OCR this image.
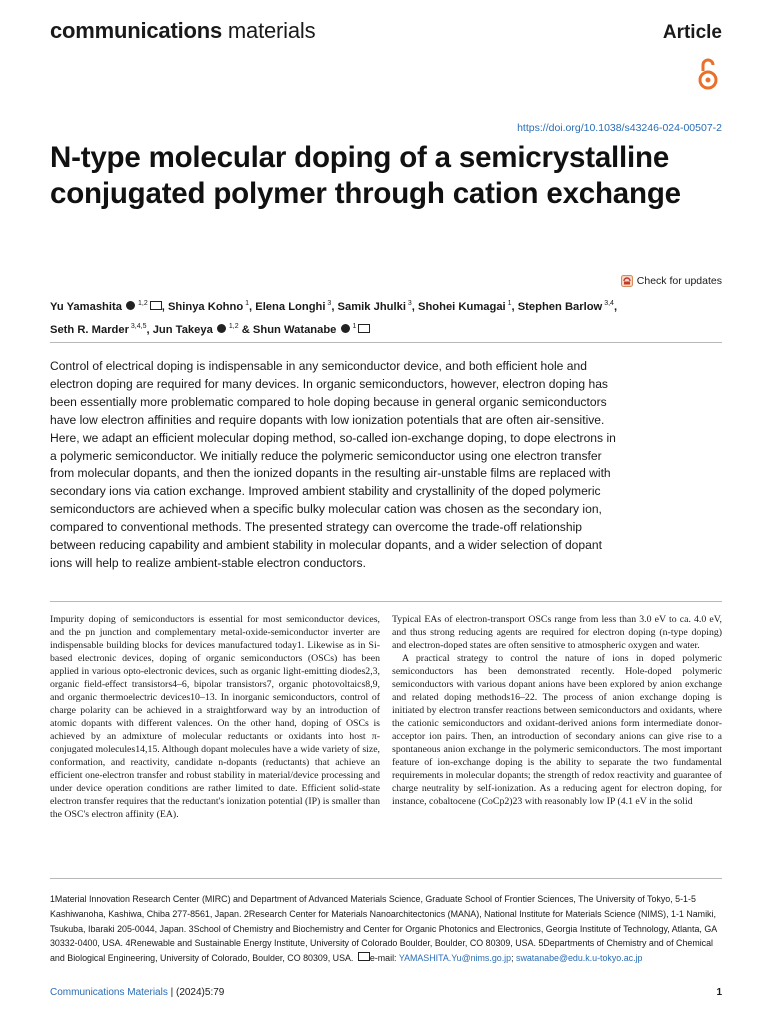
communications materials	Article
https://doi.org/10.1038/s43246-024-00507-2
N-type molecular doping of a semicrystalline conjugated polymer through cation exchange
Check for updates
Yu Yamashita  $^{1,2}$ , Shinya Kohno $^1$, Elena Longhi $^3$, Samik Jhulki $^3$, Shohei Kumagai $^1$, Stephen Barlow $^{3,4}$,
Seth R. Marder $^{3,4,5}$, Jun Takeya  $^{1,2}$ & Shun Watanabe  $^1$

Control of electrical doping is indispensable in any semiconductor device, and both efficient hole and electron doping are required for many devices. In organic semiconductors, however, electron doping has been essentially more problematic compared to hole doping because in general organic semiconductors have low electron affinities and require dopants with low ionization potentials that are often air-sensitive. Here, we adapt an efficient molecular doping method, so-called ion-exchange doping, to dope electrons in a polymeric semiconductor. We initially reduce the polymeric semiconductor using one electron transfer from molecular dopants, and then the ionized dopants in the resulting air-unstable films are replaced with secondary ions via cation exchange. Improved ambient stability and crystallinity of the doped polymeric semiconductors are achieved when a specific bulky molecular cation was chosen as the secondary ion, compared to conventional methods. The presented strategy can overcome the trade-off relationship between reducing capability and ambient stability in molecular dopants, and a wider selection of dopant ions will help to realize ambient-stable electron conductors.

Impurity doping of semiconductors is essential for most semiconductor devices, and the pn junction and complementary metal-oxide-semiconductor inverter are indispensable building blocks for devices manufactured today1. Likewise as in Si-based electronic devices, doping of organic semiconductors (OSCs) has been applied in various opto-electronic devices, such as organic light-emitting diodes2,3, organic field-effect transistors4–6, bipolar transistors7, organic photovoltaics8,9, and organic thermoelectric devices10–13. In inorganic semiconductors, control of charge polarity can be achieved in a straightforward way by an introduction of atomic dopants with different valences. On the other hand, doping of OSCs is achieved by an admixture of molecular reductants or oxidants into host π-conjugated molecules14,15. Although dopant molecules have a wide variety of size, conformation, and reactivity, candidate n-dopants (reductants) that achieve an efficient one-electron transfer and robust stability in material/device processing and under device operation conditions are rather limited to date. Efficient solid-state electron transfer requires that the reductant's ionization potential (IP) is smaller than the OSC's electron affinity (EA).

Typical EAs of electron-transport OSCs range from less than 3.0 eV to ca. 4.0 eV, and thus strong reducing agents are required for electron doping (n-type doping) and electron-doped states are often sensitive to atmospheric oxygen and water.

A practical strategy to control the nature of ions in doped polymeric semiconductors has been demonstrated recently. Hole-doped polymeric semiconductors with various dopant anions have been explored by anion exchange and related doping methods16–22. The process of anion exchange doping is initiated by electron transfer reactions between semiconductors and oxidants, where the cationic semiconductors and oxidant-derived anions form intermediate donor-acceptor ion pairs. Then, an introduction of secondary anions can give rise to a spontaneous anion exchange in the polymeric semiconductors. The most important feature of ion-exchange doping is the ability to separate the two fundamental requirements in molecular dopants; the strength of redox reactivity and guarantee of charge neutrality by self-ionization. As a reducing agent for electron doping, for instance, cobaltocene (CoCp2)23 with reasonably low IP (4.1 eV in the solid

1Material Innovation Research Center (MIRC) and Department of Advanced Materials Science, Graduate School of Frontier Sciences, The University of Tokyo, 5-1-5 Kashiwanoha, Kashiwa, Chiba 277-8561, Japan. 2Research Center for Materials Nanoarchitectonics (MANA), National Institute for Materials Science (NIMS), 1-1 Namiki, Tsukuba, Ibaraki 205-0044, Japan. 3School of Chemistry and Biochemistry and Center for Organic Photonics and Electronics, Georgia Institute of Technology, Atlanta, GA 30332-0400, USA. 4Renewable and Sustainable Energy Institute, University of Colorado Boulder, Boulder, CO 80309, USA. 5Departments of Chemistry and of Chemical and Biological Engineering, University of Colorado, Boulder, CO 80309, USA. e-mail: YAMASHITA.Yu@nims.go.jp; swatanabe@edu.k.u-tokyo.ac.jp

Communications Materials | (2024)5:79	1
